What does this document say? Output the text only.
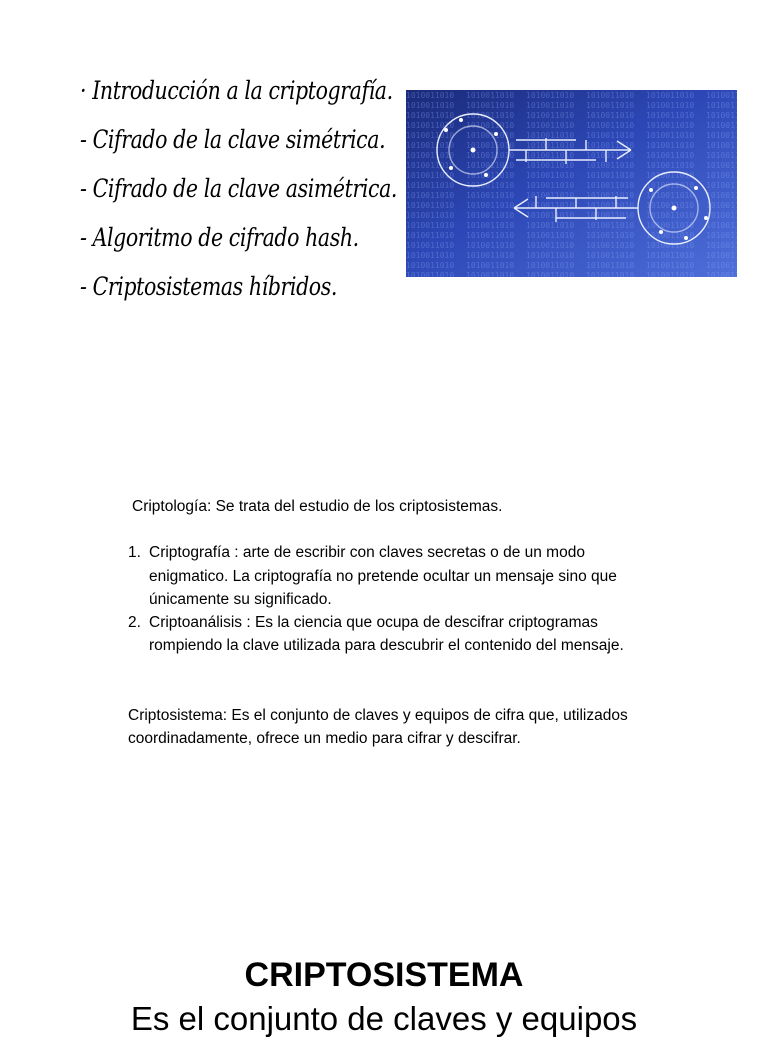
· Introducción a la criptografía.
- Cifrado de la clave simétrica.
- Cifrado de la clave asimétrica.
- Algoritmo de cifrado hash.
- Criptosistemas híbridos.

Criptología: Se trata del estudio de los criptosistemas.

1. Criptografía : arte de escribir con claves secretas o de un modo enigmatico. La criptografía no pretende ocultar un mensaje sino que únicamente su significado.
2. Criptoanálisis : Es la ciencia que ocupa de descifrar criptogramas rompiendo la clave utilizada para descubrir el contenido del mensaje.

Criptosistema: Es el conjunto de claves y equipos de cifra que, utilizados coordinadamente, ofrece un medio para cifrar y descifrar.

CRIPTOSISTEMA
Es el conjunto de claves y equipos
